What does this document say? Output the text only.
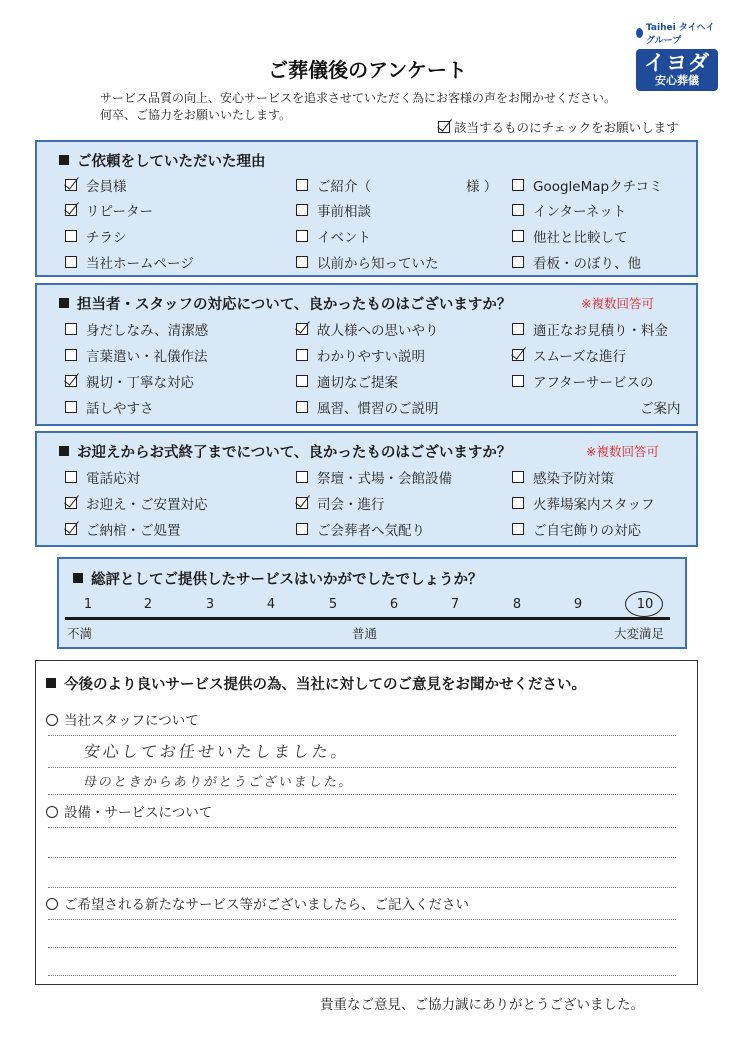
ご葬儀後のアンケート
Taihei タイヘイグループ
イヨダ
安心葬儀
サービス品質の向上、安心サービスを追求させていただく為にお客様の声をお聞かせください。
何卒、ご協力をお願いいたします。
該当するものにチェックをお願いします
ご依頼をしていただいた理由
会員様	ご紹介（	様 ）	GoogleMapクチコミ
リピーター	事前相談	インターネット
チラシ	イベント	他社と比較して
当社ホームページ	以前から知っていた	看板・のぼり、他
担当者・スタッフの対応について、良かったものはございますか？	※複数回答可
身だしなみ、清潔感	故人様への思いやり	適正なお見積り・料金
言葉遣い・礼儀作法	わかりやすい説明	スムーズな進行
親切・丁寧な対応	適切なご提案	アフターサービスの
話しやすさ	風習、慣習のご説明	ご案内
お迎えからお式終了までについて、良かったものはございますか？	※複数回答可
電話応対	祭壇・式場・会館設備	感染予防対策
お迎え・ご安置対応	司会・進行	火葬場案内スタッフ
ご納棺・ご処置	ご会葬者へ気配り	ご自宅飾りの対応
総評としてご提供したサービスはいかがでしたでしょうか？
1	2	3	4	5	6	7	8	9	10
不満	普通	大変満足
今後のより良いサービス提供の為、当社に対してのご意見をお聞かせください。
当社スタッフについて
安心してお任せいたしました。
母のときからありがとうございました。
設備・サービスについて
ご希望される新たなサービス等がございましたら、ご記入ください
貴重なご意見、ご協力誠にありがとうございました。
